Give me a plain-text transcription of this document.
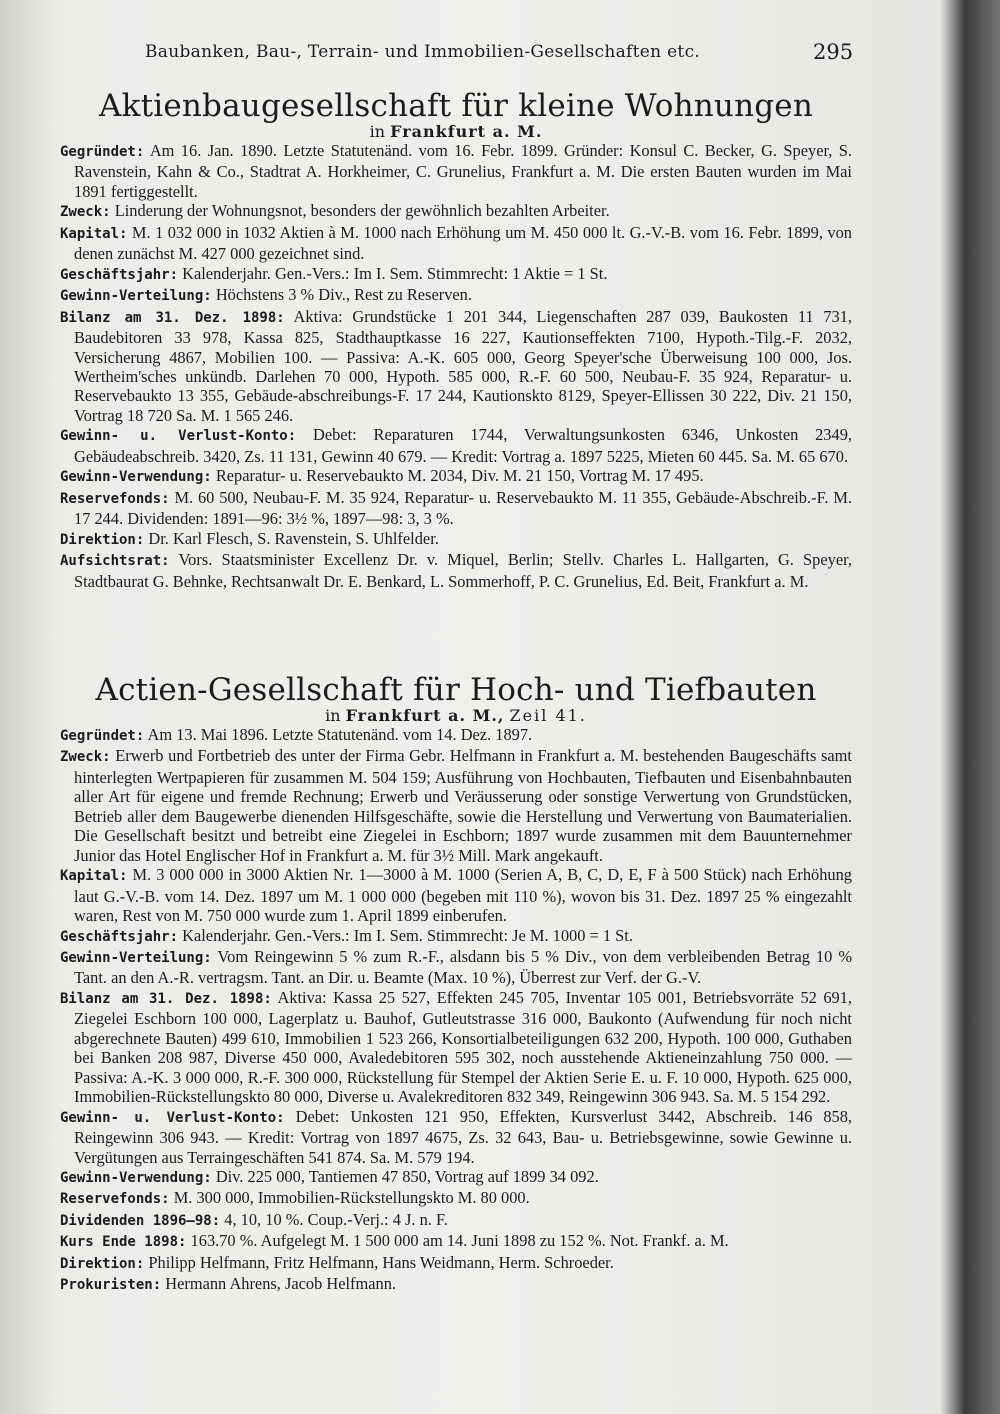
Baubanken, Bau-, Terrain- und Immobilien-Gesellschaften etc.	295
Aktienbaugesellschaft für kleine Wohnungen
in Frankfurt a. M.

Gegründet: Am 16. Jan. 1890. Letzte Statutenänd. vom 16. Febr. 1899. Gründer: Konsul C. Becker, G. Speyer, S. Ravenstein, Kahn & Co., Stadtrat A. Horkheimer, C. Grunelius, Frankfurt a. M. Die ersten Bauten wurden im Mai 1891 fertiggestellt.

Zweck: Linderung der Wohnungsnot, besonders der gewöhnlich bezahlten Arbeiter.

Kapital: M. 1 032 000 in 1032 Aktien à M. 1000 nach Erhöhung um M. 450 000 lt. G.-V.-B. vom 16. Febr. 1899, von denen zunächst M. 427 000 gezeichnet sind.

Geschäftsjahr: Kalenderjahr. Gen.-Vers.: Im I. Sem. Stimmrecht: 1 Aktie = 1 St.

Gewinn-Verteilung: Höchstens 3 % Div., Rest zu Reserven.

Bilanz am 31. Dez. 1898: Aktiva: Grundstücke 1 201 344, Liegenschaften 287 039, Baukosten 11 731, Baudebitoren 33 978, Kassa 825, Stadthauptkasse 16 227, Kautionseffekten 7100, Hypoth.-Tilg.-F. 2032, Versicherung 4867, Mobilien 100. — Passiva: A.-K. 605 000, Georg Speyer'sche Überweisung 100 000, Jos. Wertheim'sches unkündb. Darlehen 70 000, Hypoth. 585 000, R.-F. 60 500, Neubau-F. 35 924, Reparatur- u. Reservebaukto 13 355, Gebäude-abschreibungs-F. 17 244, Kautionskto 8129, Speyer-Ellissen 30 222, Div. 21 150, Vortrag 18 720 Sa. M. 1 565 246.

Gewinn- u. Verlust-Konto: Debet: Reparaturen 1744, Verwaltungsunkosten 6346, Unkosten 2349, Gebäudeabschreib. 3420, Zs. 11 131, Gewinn 40 679. — Kredit: Vortrag a. 1897 5225, Mieten 60 445. Sa. M. 65 670.

Gewinn-Verwendung: Reparatur- u. Reservebaukto M. 2034, Div. M. 21 150, Vortrag M. 17 495.

Reservefonds: M. 60 500, Neubau-F. M. 35 924, Reparatur- u. Reservebaukto M. 11 355, Gebäude-Abschreib.-F. M. 17 244. Dividenden: 1891—96: 3½ %, 1897—98: 3, 3 %.

Direktion: Dr. Karl Flesch, S. Ravenstein, S. Uhlfelder.

Aufsichtsrat: Vors. Staatsminister Excellenz Dr. v. Miquel, Berlin; Stellv. Charles L. Hallgarten, G. Speyer, Stadtbaurat G. Behnke, Rechtsanwalt Dr. E. Benkard, L. Sommerhoff, P. C. Grunelius, Ed. Beit, Frankfurt a. M.

Actien-Gesellschaft für Hoch- und Tiefbauten
in Frankfurt a. M., Zeil 41.

Gegründet: Am 13. Mai 1896. Letzte Statutenänd. vom 14. Dez. 1897.

Zweck: Erwerb und Fortbetrieb des unter der Firma Gebr. Helfmann in Frankfurt a. M. bestehenden Baugeschäfts samt hinterlegten Wertpapieren für zusammen M. 504 159; Ausführung von Hochbauten, Tiefbauten und Eisenbahnbauten aller Art für eigene und fremde Rechnung; Erwerb und Veräusserung oder sonstige Verwertung von Grundstücken, Betrieb aller dem Baugewerbe dienenden Hilfsgeschäfte, sowie die Herstellung und Verwertung von Baumaterialien. Die Gesellschaft besitzt und betreibt eine Ziegelei in Eschborn; 1897 wurde zusammen mit dem Bauunternehmer Junior das Hotel Englischer Hof in Frankfurt a. M. für 3½ Mill. Mark angekauft.

Kapital: M. 3 000 000 in 3000 Aktien Nr. 1—3000 à M. 1000 (Serien A, B, C, D, E, F à 500 Stück) nach Erhöhung laut G.-V.-B. vom 14. Dez. 1897 um M. 1 000 000 (begeben mit 110 %), wovon bis 31. Dez. 1897 25 % eingezahlt waren, Rest von M. 750 000 wurde zum 1. April 1899 einberufen.

Geschäftsjahr: Kalenderjahr. Gen.-Vers.: Im I. Sem. Stimmrecht: Je M. 1000 = 1 St.

Gewinn-Verteilung: Vom Reingewinn 5 % zum R.-F., alsdann bis 5 % Div., von dem verbleibenden Betrag 10 % Tant. an den A.-R. vertragsm. Tant. an Dir. u. Beamte (Max. 10 %), Überrest zur Verf. der G.-V.

Bilanz am 31. Dez. 1898: Aktiva: Kassa 25 527, Effekten 245 705, Inventar 105 001, Betriebsvorräte 52 691, Ziegelei Eschborn 100 000, Lagerplatz u. Bauhof, Gutleutstrasse 316 000, Baukonto (Aufwendung für noch nicht abgerechnete Bauten) 499 610, Immobilien 1 523 266, Konsortialbeteiligungen 632 200, Hypoth. 100 000, Guthaben bei Banken 208 987, Diverse 450 000, Avaledebitoren 595 302, noch ausstehende Aktieneinzahlung 750 000. — Passiva: A.-K. 3 000 000, R.-F. 300 000, Rückstellung für Stempel der Aktien Serie E. u. F. 10 000, Hypoth. 625 000, Immobilien-Rückstellungskto 80 000, Diverse u. Avalekreditoren 832 349, Reingewinn 306 943. Sa. M. 5 154 292.

Gewinn- u. Verlust-Konto: Debet: Unkosten 121 950, Effekten, Kursverlust 3442, Abschreib. 146 858, Reingewinn 306 943. — Kredit: Vortrag von 1897 4675, Zs. 32 643, Bau- u. Betriebsgewinne, sowie Gewinne u. Vergütungen aus Terraingeschäften 541 874. Sa. M. 579 194.

Gewinn-Verwendung: Div. 225 000, Tantiemen 47 850, Vortrag auf 1899 34 092.

Reservefonds: M. 300 000, Immobilien-Rückstellungskto M. 80 000.

Dividenden 1896—98: 4, 10, 10 %. Coup.-Verj.: 4 J. n. F.

Kurs Ende 1898: 163.70 %. Aufgelegt M. 1 500 000 am 14. Juni 1898 zu 152 %. Not. Frankf. a. M.

Direktion: Philipp Helfmann, Fritz Helfmann, Hans Weidmann, Herm. Schroeder.

Prokuristen: Hermann Ahrens, Jacob Helfmann.
